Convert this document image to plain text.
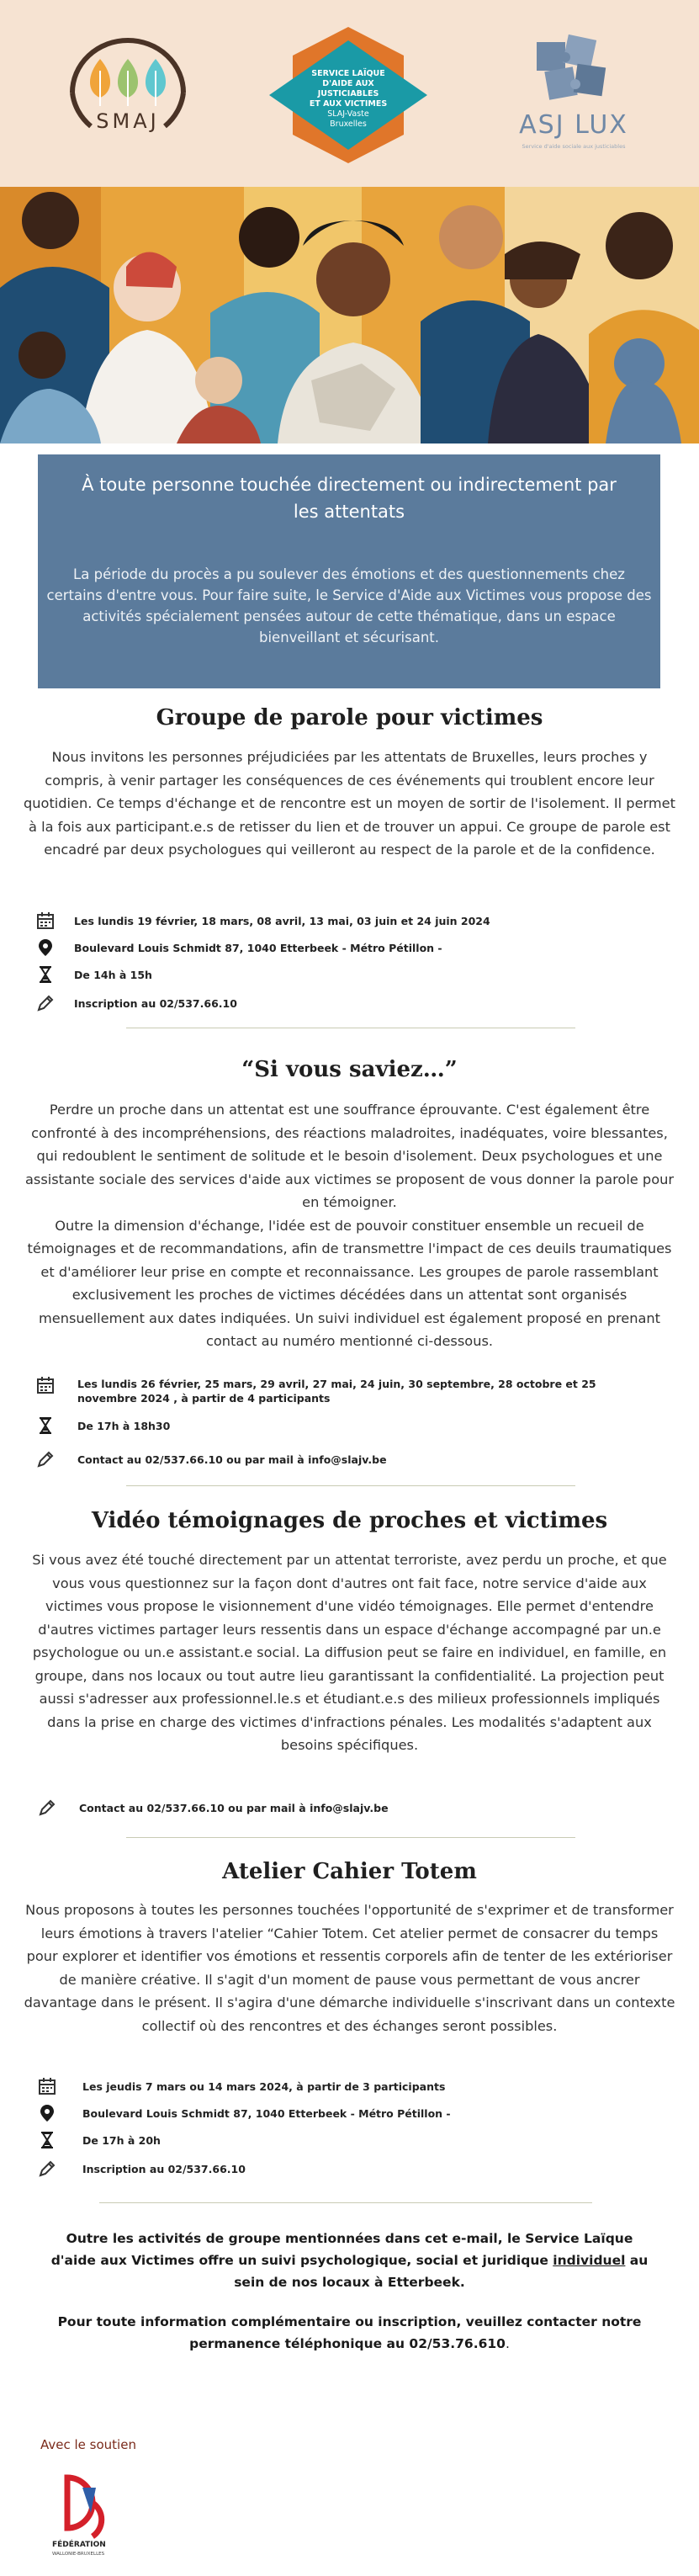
SMAJ
SERVICE LAÏQUE
D'AIDE AUX
JUSTICIABLES
ET AUX VICTIMES
SLAJ-Vaste
Bruxelles	ASJ LUX
Service d'aide sociale aux justiciables
À toute personne touchée directement ou indirectement par les attentats
La période du procès a pu soulever des émotions et des questionnements chez certains d'entre vous. Pour faire suite, le Service d'Aide aux Victimes vous propose des activités spécialement pensées autour de cette thématique, dans un espace bienveillant et sécurisant.
Groupe de parole pour victimes
Nous invitons les personnes préjudiciées par les attentats de Bruxelles, leurs proches y compris, à venir partager les conséquences de ces événements qui troublent encore leur quotidien. Ce temps d'échange et de rencontre est un moyen de sortir de l'isolement. Il permet à la fois aux participant.e.s de retisser du lien et de trouver un appui. Ce groupe de parole est encadré par deux psychologues qui veilleront au respect de la parole et de la confidence.
Les lundis 19 février, 18 mars, 08 avril, 13 mai, 03 juin et 24 juin 2024
Boulevard Louis Schmidt 87, 1040 Etterbeek - Métro Pétillon -
De 14h à 15h
Inscription au 02/537.66.10
“Si vous saviez…”
Perdre un proche dans un attentat est une souffrance éprouvante. C'est également être confronté à des incompréhensions, des réactions maladroites, inadéquates, voire blessantes, qui redoublent le sentiment de solitude et le besoin d'isolement. Deux psychologues et une assistante sociale des services d'aide aux victimes se proposent de vous donner la parole pour en témoigner.
Outre la dimension d'échange, l'idée est de pouvoir constituer ensemble un recueil de témoignages et de recommandations, afin de transmettre l'impact de ces deuils traumatiques et d'améliorer leur prise en compte et reconnaissance. Les groupes de parole rassemblant exclusivement les proches de victimes décédées dans un attentat sont organisés mensuellement aux dates indiquées. Un suivi individuel est également proposé en prenant contact au numéro mentionné ci-dessous.
Les lundis 26 février, 25 mars, 29 avril, 27 mai, 24 juin, 30 septembre, 28 octobre et 25 novembre 2024 , à partir de 4 participants
De 17h à 18h30
Contact au 02/537.66.10 ou par mail à info@slajv.be
Vidéo témoignages de proches et victimes
Si vous avez été touché directement par un attentat terroriste, avez perdu un proche, et que vous vous questionnez sur la façon dont d'autres ont fait face, notre service d'aide aux victimes vous propose le visionnement d'une vidéo témoignages. Elle permet d'entendre d'autres victimes partager leurs ressentis dans un espace d'échange accompagné par un.e psychologue ou un.e assistant.e social. La diffusion peut se faire en individuel, en famille, en groupe, dans nos locaux ou tout autre lieu garantissant la confidentialité. La projection peut aussi s'adresser aux professionnel.le.s et étudiant.e.s des milieux professionnels impliqués dans la prise en charge des victimes d'infractions pénales. Les modalités s'adaptent aux besoins spécifiques.
Contact au 02/537.66.10 ou par mail à info@slajv.be
Atelier Cahier Totem
Nous proposons à toutes les personnes touchées l'opportunité de s'exprimer et de transformer leurs émotions à travers l'atelier “Cahier Totem. Cet atelier permet de consacrer du temps pour explorer et identifier vos émotions et ressentis corporels afin de tenter de les extérioriser de manière créative. Il s'agit d'un moment de pause vous permettant de vous ancrer davantage dans le présent. Il s'agira d'une démarche individuelle s'inscrivant dans un contexte collectif où des rencontres et des échanges seront possibles.
Les jeudis 7 mars ou 14 mars 2024, à partir de 3 participants
Boulevard Louis Schmidt 87, 1040 Etterbeek - Métro Pétillon -
De 17h à 20h
Inscription au 02/537.66.10
Outre les activités de groupe mentionnées dans cet e-mail, le Service Laïque d'aide aux Victimes offre un suivi psychologique, social et juridique individuel au sein de nos locaux à Etterbeek.
Pour toute information complémentaire ou inscription, veuillez contacter notre permanence téléphonique au 02/53.76.610.
Avec le soutien
FÉDÉRATION
WALLONIE-BRUXELLES
